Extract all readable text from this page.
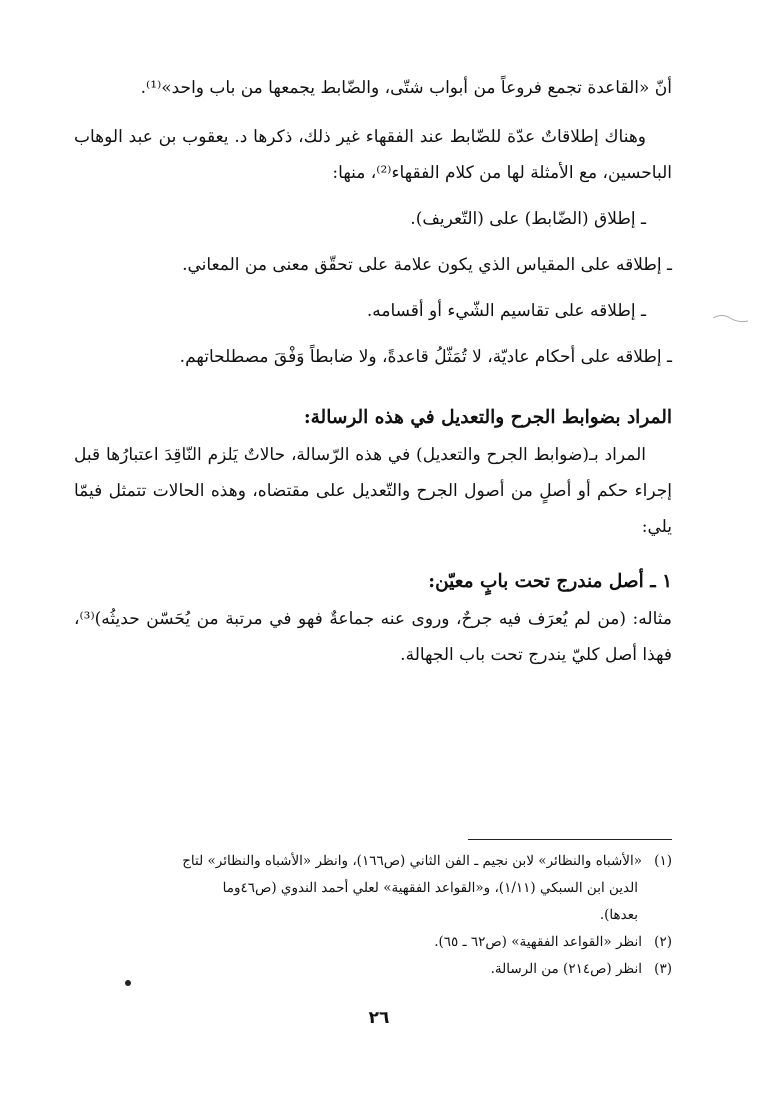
أنّ «القاعدة تجمع فروعاً من أبواب شتّى، والضّابط يجمعها من باب واحد»⁽¹⁾.

وهناك إطلاقاتٌ عدّة للضّابط عند الفقهاء غير ذلك، ذكرها د. يعقوب بن عبد الوهاب الباحسين، مع الأمثلة لها من كلام الفقهاء⁽²⁾، منها:

ـ إطلاق (الضّابط) على (التّعريف).

ـ إطلاقه على المقياس الذي يكون علامة على تحقّق معنى من المعاني.

ـ إطلاقه على تقاسيم الشّيء أو أقسامه.

ـ إطلاقه على أحكام عاديّة، لا تُمَثّلُ قاعدةً، ولا ضابطاً وَفْقَ مصطلحاتهم.

المراد بضوابط الجرح والتعديل في هذه الرسالة:

المراد بـ(ضوابط الجرح والتعديل) في هذه الرّسالة، حالاتٌ يَلزم النّاقِدَ اعتبارُها قبل إجراء حكم أو أصلٍ من أصول الجرح والتّعديل على مقتضاه، وهذه الحالات تتمثل فيمّا يلي:

١ ـ أصل مندرج تحت بابٍ معيّن:

مثاله: (من لم يُعرَف فيه جرحٌ، وروى عنه جماعةٌ فهو في مرتبة من يُحَسّن حديثُه)⁽³⁾، فهذا أصل كليّ يندرج تحت باب الجهالة.

(١)«الأشباه والنظائر» لابن نجيم ـ الفن الثاني (ص١٦٦)، وانظر «الأشباه والنظائر» لتاج

الدين ابن السبكي (١/١١)، و«القواعد الفقهية» لعلي أحمد الندوي (ص٤٦وما

بعدها).

(٢)انظر «القواعد الفقهية» (ص٦٢ ـ ٦٥).

(٣)انظر (ص٢١٤) من الرسالة.

٢٦
